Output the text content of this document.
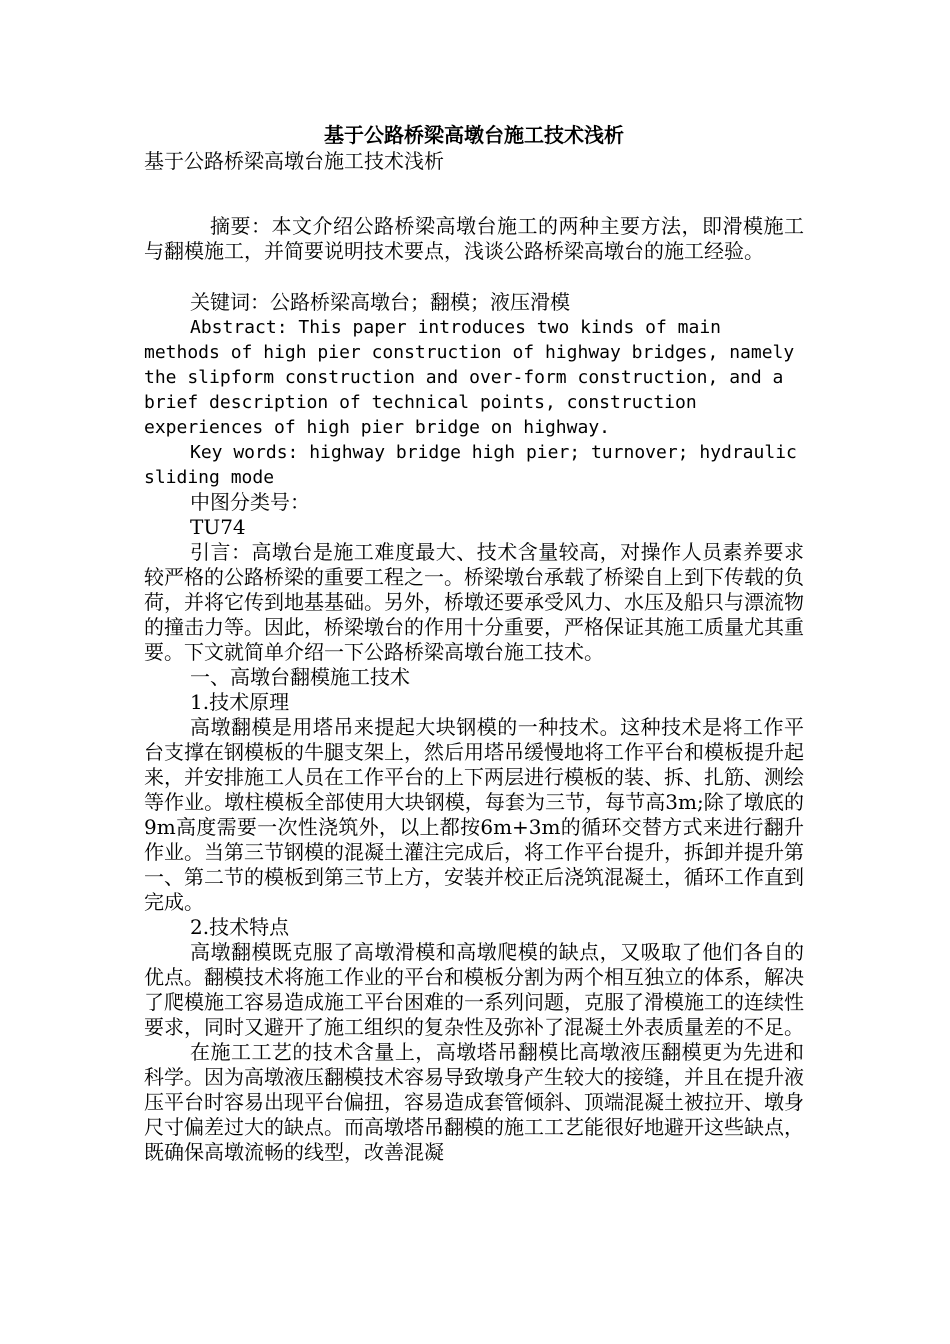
基于公路桥梁高墩台施工技术浅析

基于公路桥梁高墩台施工技术浅析

摘要：本文介绍公路桥梁高墩台施工的两种主要方法，即滑模施工与翻模施工，并简要说明技术要点，浅谈公路桥梁高墩台的施工经验。

关键词：公路桥梁高墩台；翻模；液压滑模

Abstract: This paper introduces two kinds of main methods of high pier construction of highway bridges, namely the slipform construction and over-form construction, and a brief description of technical points, construction experiences of high pier bridge on highway.

Key words: highway bridge high pier; turnover; hydraulic sliding mode

中图分类号：

TU74

引言：高墩台是施工难度最大、技术含量较高，对操作人员素养要求较严格的公路桥梁的重要工程之一。桥梁墩台承载了桥梁自上到下传载的负荷，并将它传到地基基础。另外，桥墩还要承受风力、水压及船只与漂流物的撞击力等。因此，桥梁墩台的作用十分重要，严格保证其施工质量尤其重要。下文就简单介绍一下公路桥梁高墩台施工技术。

一、高墩台翻模施工技术

1.技术原理

高墩翻模是用塔吊来提起大块钢模的一种技术。这种技术是将工作平台支撑在钢模板的牛腿支架上，然后用塔吊缓慢地将工作平台和模板提升起来，并安排施工人员在工作平台的上下两层进行模板的装、拆、扎筋、测绘等作业。墩柱模板全部使用大块钢模，每套为三节，每节高3m;除了墩底的9m高度需要一次性浇筑外，以上都按6m+3m的循环交替方式来进行翻升作业。当第三节钢模的混凝土灌注完成后，将工作平台提升，拆卸并提升第一、第二节的模板到第三节上方，安装并校正后浇筑混凝土，循环工作直到完成。

2.技术特点

高墩翻模既克服了高墩滑模和高墩爬模的缺点，又吸取了他们各自的优点。翻模技术将施工作业的平台和模板分割为两个相互独立的体系，解决了爬模施工容易造成施工平台困难的一系列问题，克服了滑模施工的连续性要求，同时又避开了施工组织的复杂性及弥补了混凝土外表质量差的不足。

在施工工艺的技术含量上，高墩塔吊翻模比高墩液压翻模更为先进和科学。因为高墩液压翻模技术容易导致墩身产生较大的接缝，并且在提升液压平台时容易出现平台偏扭，容易造成套管倾斜、顶端混凝土被拉开、墩身尺寸偏差过大的缺点。而高墩塔吊翻模的施工工艺能很好地避开这些缺点，既确保高墩流畅的线型，改善混凝
